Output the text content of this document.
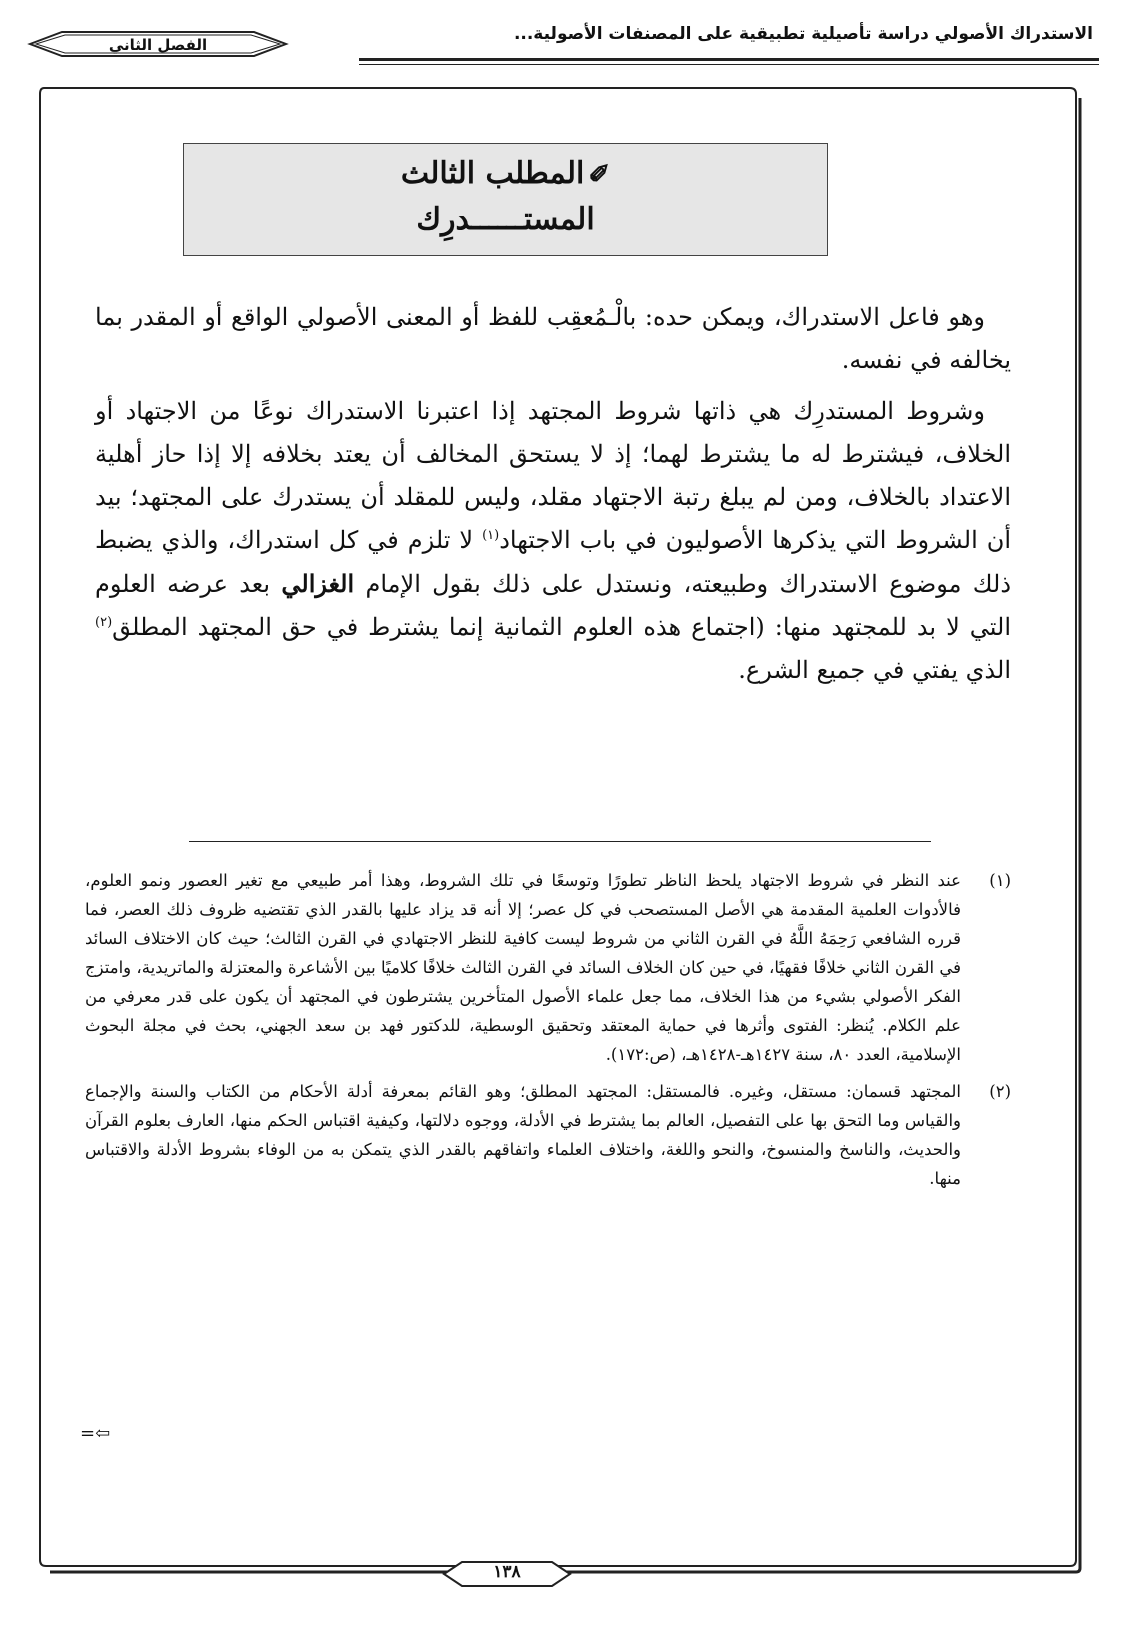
الاستدراك الأصولي دراسة تأصيلية تطبيقية على المصنفات الأصولية...
الفصل الثاني
✐المطلب الثالث
المستــــــدرِك

وهو فاعل الاستدراك، ويمكن حده: بالْـمُعقِب للفظ أو المعنى الأصولي الواقع أو المقدر بما يخالفه في نفسه.

وشروط المستدرِك هي ذاتها شروط المجتهد إذا اعتبرنا الاستدراك نوعًا من الاجتهاد أو الخلاف، فيشترط له ما يشترط لهما؛ إذ لا يستحق المخالف أن يعتد بخلافه إلا إذا حاز أهلية الاعتداد بالخلاف، ومن لم يبلغ رتبة الاجتهاد مقلد، وليس للمقلد أن يستدرك على المجتهد؛ بيد أن الشروط التي يذكرها الأصوليون في باب الاجتهاد$^{(١)}$ لا تلزم في كل استدراك، والذي يضبط ذلك موضوع الاستدراك وطبيعته، ونستدل على ذلك بقول الإمام الغزالي بعد عرضه العلوم التي لا بد للمجتهد منها: (اجتماع هذه العلوم الثمانية إنما يشترط في حق المجتهد المطلق$^{(٢)}$ الذي يفتي في جميع الشرع.

(١)
عند النظر في شروط الاجتهاد يلحظ الناظر تطورًا وتوسعًا في تلك الشروط، وهذا أمر طبيعي مع تغير العصور ونمو العلوم، فالأدوات العلمية المقدمة هي الأصل المستصحب في كل عصر؛ إلا أنه قد يزاد عليها بالقدر الذي تقتضيه ظروف ذلك العصر، فما قرره الشافعي رَحِمَهُ اللَّهُ في القرن الثاني من شروط ليست كافية للنظر الاجتهادي في القرن الثالث؛ حيث كان الاختلاف السائد في القرن الثاني خلافًا فقهيًا، في حين كان الخلاف السائد في القرن الثالث خلافًا كلاميًا بين الأشاعرة والمعتزلة والماتريدية، وامتزج الفكر الأصولي بشيء من هذا الخلاف، مما جعل علماء الأصول المتأخرين يشترطون في المجتهد أن يكون على قدر معرفي من علم الكلام. يُنظر: الفتوى وأثرها في حماية المعتقد وتحقيق الوسطية، للدكتور فهد بن سعد الجهني، بحث في مجلة البحوث الإسلامية، العدد ٨٠، سنة ١٤٢٧هـ-١٤٢٨هـ، (ص:١٧٢).
(٢)
المجتهد قسمان: مستقل، وغيره. فالمستقل: المجتهد المطلق؛ وهو القائم بمعرفة أدلة الأحكام من الكتاب والسنة والإجماع والقياس وما التحق بها على التفصيل، العالم بما يشترط في الأدلة، ووجوه دلالتها، وكيفية اقتباس الحكم منها، العارف بعلوم القرآن والحديث، والناسخ والمنسوخ، والنحو واللغة، واختلاف العلماء واتفاقهم بالقدر الذي يتمكن به من الوفاء بشروط الأدلة والاقتباس منها.
=⇦
١٣٨
